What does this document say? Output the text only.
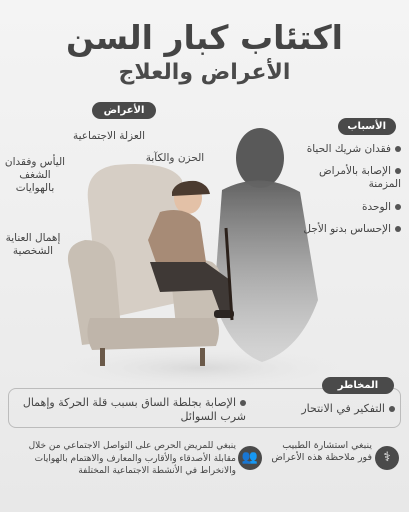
اكتئاب كبار السن
الأعراض والعلاج
الأعراض
العزلة الاجتماعية
الحزن والكآبة
اليأس وفقدان الشغف بالهوايات
إهمال العناية الشخصية
الأسباب
فقدان شريك الحياة
الإصابة بالأمراض المزمنة
الوحدة
الإحساس بدنو الأجل
المخاطر
التفكير في الانتحار
الإصابة بجلطة الساق بسبب قلة الحركة وإهمال شرب السوائل
⚕
ينبغي استشارة الطبيب فور ملاحظة هذه الأعراض
👥
ينبغي للمريض الحرص على التواصل الاجتماعي من خلال مقابلة الأصدقاء والأقارب والمعارف والاهتمام بالهوايات والانخراط في الأنشطة الاجتماعية المختلفة
